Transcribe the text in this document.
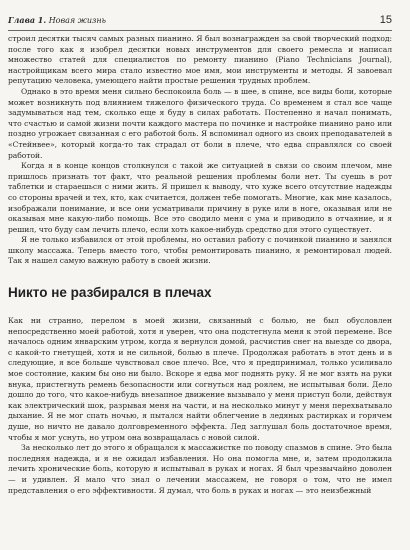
Глава 1. Новая жизнь	15

строил десятки тысяч самых разных пианино. Я был вознагражден за свой творческий подход: после того как я изобрел десятки новых инструментов для своего ремесла и написал множество статей для специалистов по ремонту пианино (Piano Technicians Journal), настройщикам всего мира стало известно мое имя, мои инструменты и методы. Я завоевал репутацию человека, умеющего найти простые решения трудных проблем.

Однако в это время меня сильно беспокоила боль — в шее, в спине, все виды боли, которые может возникнуть под влиянием тяжелого физического труда. Со временем я стал все чаще задумываться над тем, сколько еще я буду в силах работать. Постепенно я начал понимать, что счастью и самой жизни почти каждого мастера по починке и настройке пианино рано или поздно угрожает связанная с его работой боль. Я вспоминал одного из своих преподавателей в «Стейнвее», который когда-то так страдал от боли в плече, что едва справлялся со своей работой.

Когда я в конце концов столкнулся с такой же ситуацией в связи со своим плечом, мне пришлось признать тот факт, что реальной решения проблемы боли нет. Ты суешь в рот таблетки и стараешься с ними жить. Я пришел к выводу, что хуже всего отсутствие надежды со стороны врачей и тех, кто, как считается, должен тебе помогать. Многие, как мне казалось, изображали понимание, и все они усматривали причину в руке или в ноге, оказывая или не оказывая мне какую-либо помощь. Все это сводило меня с ума и приводило в отчаяние, и я решил, что буду сам лечить плечо, если хоть какое-нибудь средство для этого существует.

Я не только избавился от этой проблемы, но оставил работу с починкой пианино и занялся школу массажа. Теперь вместо того, чтобы ремонтировать пианино, я ремонтировал людей. Так я нашел самую важную работу в своей жизни.

Никто не разбирался в плечах

Как ни странно, перелом в моей жизни, связанный с болью, не был обусловлен непосредственно моей работой, хотя я уверен, что она подстегнула меня к этой перемене. Все началось одним январским утром, когда я вернулся домой, расчистив снег на выезде со двора, с какой-то гнетущей, хотя и не сильной, болью в плече. Продолжая работать в этот день и в следующие, я все больше чувствовал свое плечо. Все, что я предпринимал, только усиливало мое состояние, каким бы оно ни было. Вскоре я едва мог поднять руку. Я не мог взять на руки внука, пристегнуть ремень безопасности или согнуться над роялем, не испытывая боли. Дело дошло до того, что какое-нибудь внезапное движение вызывало у меня приступ боли, действуя как электрический шок, разрывая меня на части, и на несколько минут у меня перехватывало дыхание. Я не мог спать ночью, я пытался найти облегчение в ледяных растирках и горячем душе, но ничто не давало долговременного эффекта. Лед заглушал боль достаточное время, чтобы я мог уснуть, но утром она возвращалась с новой силой.

За несколько лет до этого я обращался к массажистке по поводу спазмов в спине. Это была последняя надежда, и я не ожидал избавления. Но она помогла мне, и, затем продолжила лечить хронические боль, которую я испытывал в руках и ногах. Я был чрезвычайно доволен — и удивлен. Я мало что знал о лечении массажем, не говоря о том, что не имел представления о его эффективности. Я думал, что боль в руках и ногах — это неизбежный
